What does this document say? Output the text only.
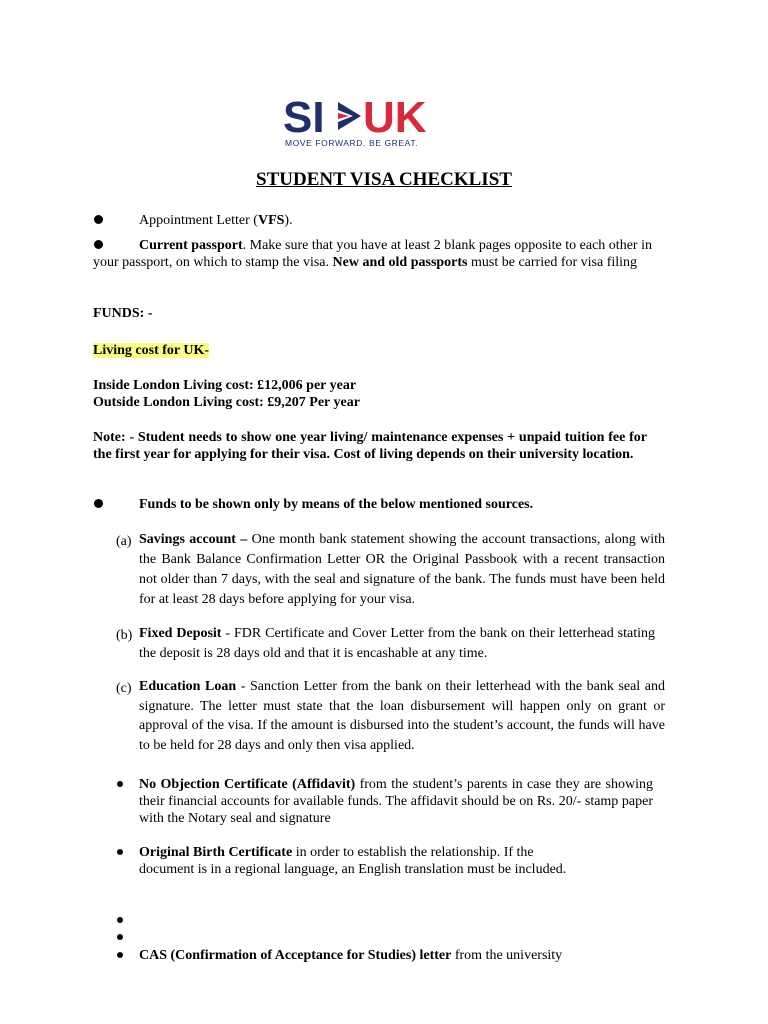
SI UK
MOVE FORWARD. BE GREAT.
STUDENT VISA CHECKLIST
Appointment Letter (VFS).
Current passport. Make sure that you have at least 2 blank pages opposite to each other in your passport, on which to stamp the visa. New and old passports must be carried for visa filing
FUNDS: -
Living cost for UK-
Inside London Living cost: £12,006 per year
Outside London Living cost: £9,207 Per year
Note: - Student needs to show one year living/ maintenance expenses + unpaid tuition fee for the first year for applying for their visa. Cost of living depends on their university location.
Funds to be shown only by means of the below mentioned sources.
(a) Savings account – One month bank statement showing the account transactions, along with the Bank Balance Confirmation Letter OR the Original Passbook with a recent transaction not older than 7 days, with the seal and signature of the bank. The funds must have been held for at least 28 days before applying for your visa.
(b) Fixed Deposit - FDR Certificate and Cover Letter from the bank on their letterhead stating the deposit is 28 days old and that it is encashable at any time.
(c) Education Loan - Sanction Letter from the bank on their letterhead with the bank seal and signature. The letter must state that the loan disbursement will happen only on grant or approval of the visa. If the amount is disbursed into the student’s account, the funds will have to be held for 28 days and only then visa applied.
No Objection Certificate (Affidavit) from the student’s parents in case they are showing their financial accounts for available funds. The affidavit should be on Rs. 20/- stamp paper with the Notary seal and signature
Original Birth Certificate in order to establish the relationship. If the document is in a regional language, an English translation must be included.
CAS (Confirmation of Acceptance for Studies) letter from the university
